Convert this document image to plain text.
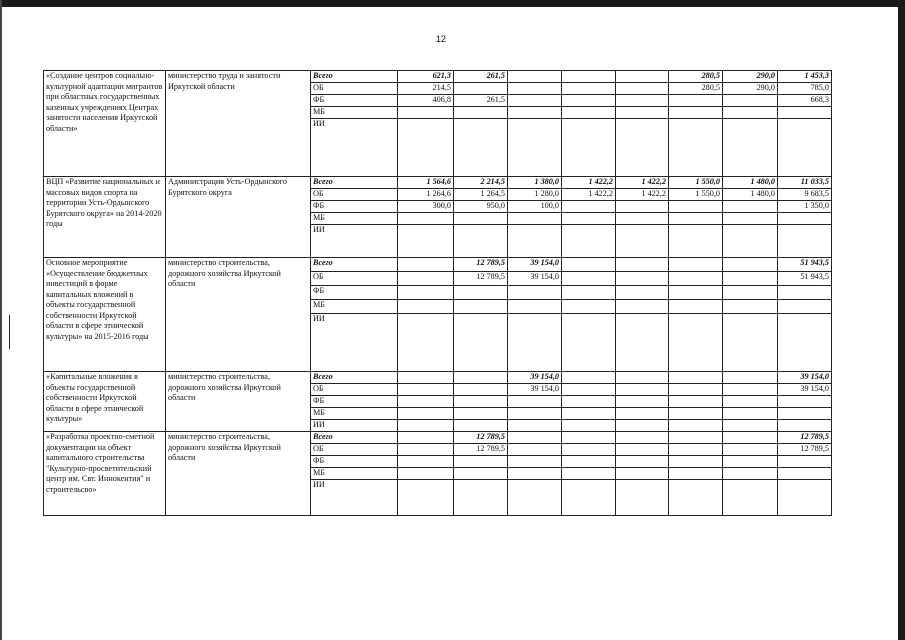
12
«Создание центров социально-культурной адаптации мигрантов при областных государственных казенных учреждениях Центрах занятости населения Иркутской области»	министерство труда и занятости Иркутской области	Всего	621,3	261,5				280,5	290,0	1 453,3
		ОБ	214,5					280,5	290,0	785,0
		ФБ	406,8	261,5						668,3
		МБ								
		ИИ								
ВЦП «Развитие национальных и массовых видов спорта на территории Усть-Ордынского Бурятского округа» на 2014-2020 годы	Администрация Усть-Ордынского Бурятского округа	Всего	1 564,6	2 214,5	1 380,0	1 422,2	1 422,2	1 550,0	1 480,0	11 033,5
		ОБ	1 264,6	1 264,5	1 280,0	1 422,2	1 422,2	1 550,0	1 480,0	9 683,5
		ФБ	300,0	950,0	100,0					1 350,0
		МБ								
		ИИ								
Основное мероприятие «Осуществление бюджетных инвестиций в форме капитальных вложений в объекты государственной собственности Иркутской области в сфере этнической культуры» на 2015-2016 годы	министерство строительства, дорожного хозяйства Иркутской области	Всего		12 789,5	39 154,0					51 943,5
		ОБ		12 789,5	39 154,0					51 943,5
		ФБ								
		МБ								
		ИИ								
«Капитальные вложения в объекты государственной собственности Иркутской области в сфере этнической культуры»	министерство строительства, дорожного хозяйства Иркутской области	Всего			39 154,0					39 154,0
		ОБ			39 154,0					39 154,0
		ФБ								
		МБ								
		ИИ								
«Разработка проектно-сметной документации на объект капитального строительства "Культурно-просветительский центр им. Свт. Иннокентия" и строительсво»	министерство строительства, дорожного хозяйства Иркутской области	Всего		12 789,5						12 789,5
		ОБ		12 789,5						12 789,5
		ФБ								
		МБ								
		ИИ								
